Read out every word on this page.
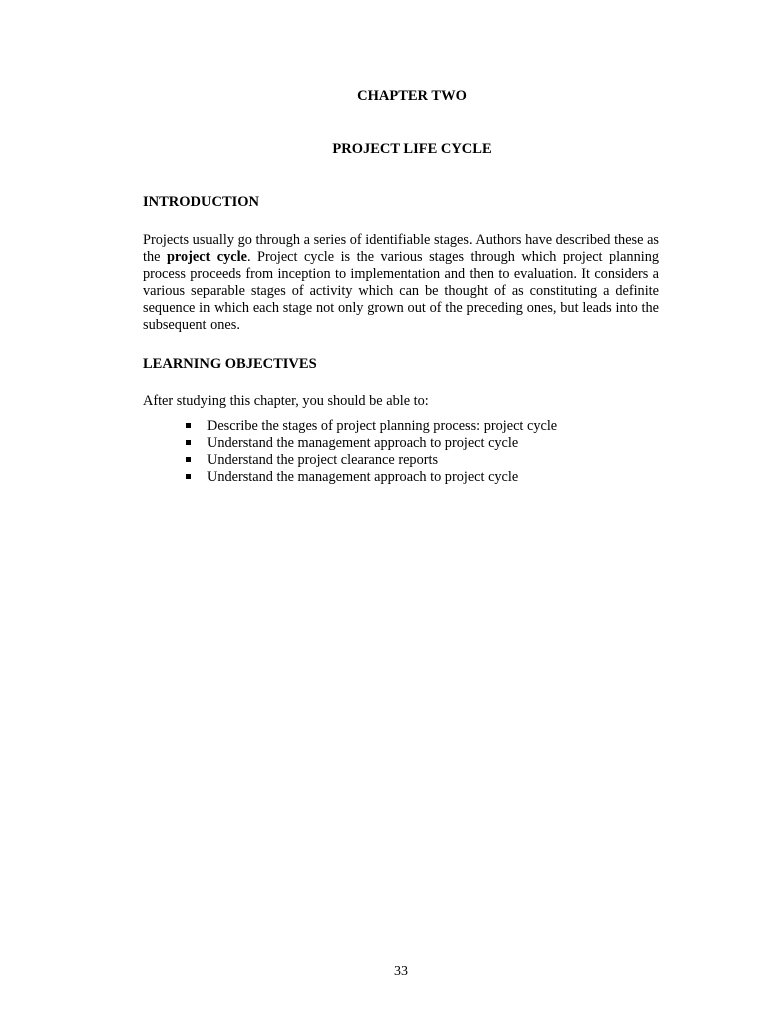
CHAPTER TWO
PROJECT LIFE CYCLE
INTRODUCTION

Projects usually go through a series of identifiable stages. Authors have described these as the project cycle. Project cycle is the various stages through which project planning process proceeds from inception to implementation and then to evaluation. It considers a various separable stages of activity which can be thought of as constituting a definite sequence in which each stage not only grown out of the preceding ones, but leads into the subsequent ones.

LEARNING OBJECTIVES

After studying this chapter, you should be able to:

Describe the stages of project planning process: project cycle
Understand the management approach to project cycle
Understand the project clearance reports
Understand the management approach to project cycle
33
